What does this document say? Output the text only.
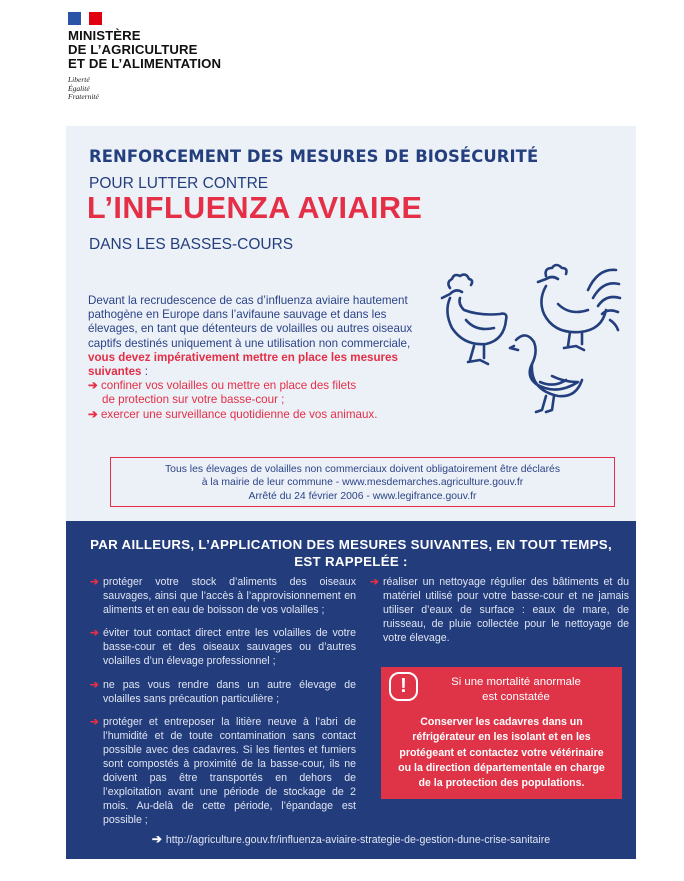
MINISTÈRE
DE L’AGRICULTURE
ET DE L’ALIMENTATION
Liberté
Égalité
Fraternité
RENFORCEMENT DES MESURES DE BIOSÉCURITÉ
POUR LUTTER CONTRE
L’INFLUENZA AVIAIRE
DANS LES BASSES-COURS
Devant la recrudescence de cas d’influenza aviaire hautement pathogène en Europe dans l’avifaune sauvage et dans les élevages, en tant que détenteurs de volailles ou autres oiseaux captifs destinés uniquement à une utilisation non commerciale, vous devez impérativement mettre en place les mesures suivantes :
➔ confiner vos volailles ou mettre en place des filets
de protection sur votre basse-cour ;
➔ exercer une surveillance quotidienne de vos animaux.
Tous les élevages de volailles non commerciaux doivent obligatoirement être déclarés
à la mairie de leur commune - www.mesdemarches.agriculture.gouv.fr
Arrêté du 24 février 2006 - www.legifrance.gouv.fr
PAR AILLEURS, L’APPLICATION DES MESURES SUIVANTES, EN TOUT TEMPS,
EST RAPPELÉE :
➔ protéger votre stock d’aliments des oiseaux sauvages, ainsi que l’accès à l’approvisionnement en aliments et en eau de boisson de vos volailles ;
➔ éviter tout contact direct entre les volailles de votre basse-cour et des oiseaux sauvages ou d’autres volailles d’un élevage professionnel ;
➔ ne pas vous rendre dans un autre élevage de volailles sans précaution particulière ;
➔ protéger et entreposer la litière neuve à l’abri de l’humidité et de toute contamination sans contact possible avec des cadavres. Si les fientes et fumiers sont compostés à proximité de la basse-cour, ils ne doivent pas être transportés en dehors de l’exploitation avant une période de stockage de 2 mois. Au-delà de cette période, l’épandage est possible ;
➔ réaliser un nettoyage régulier des bâtiments et du matériel utilisé pour votre basse-cour et ne jamais utiliser d’eaux de surface : eaux de mare, de ruisseau, de pluie collectée pour le nettoyage de votre élevage.
!	Si une mortalité anormale
est constatée
Conserver les cadavres dans un
réfrigérateur en les isolant et en les
protégeant et contactez votre vétérinaire
ou la direction départementale en charge
de la protection des populations.
➔ http://agriculture.gouv.fr/influenza-aviaire-strategie-de-gestion-dune-crise-sanitaire
